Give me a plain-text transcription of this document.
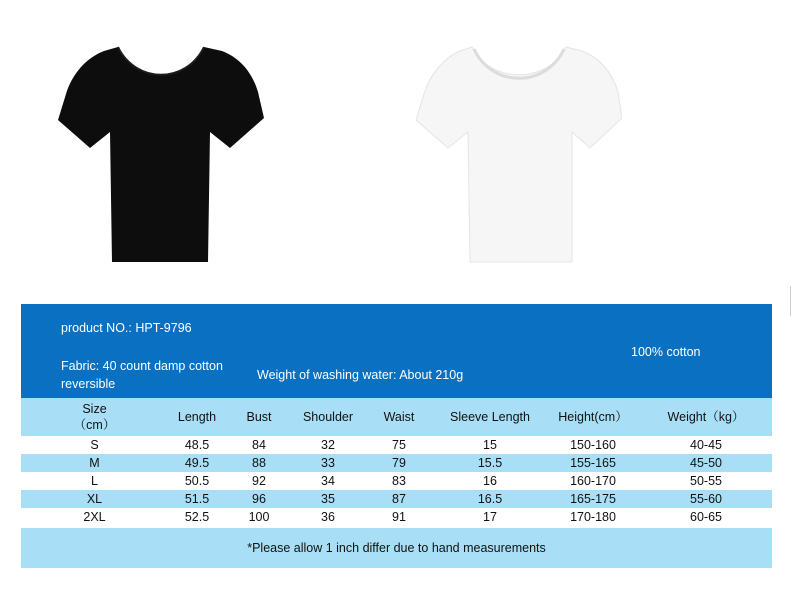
product NO.: HPT-9796
Fabric: 40 count damp cotton
reversible
Weight of washing water: About 210g
100% cotton
Size
（cm）	Length	Bust	Shoulder	Waist	Sleeve Length	Height(cm）	Weight（kg）
S	48.5	84	32	75	15	150-160	40-45
M	49.5	88	33	79	15.5	155-165	45-50
L	50.5	92	34	83	16	160-170	50-55
XL	51.5	96	35	87	16.5	165-175	55-60
2XL	52.5	100	36	91	17	170-180	60-65
*Please allow 1 inch differ due to hand measurements
